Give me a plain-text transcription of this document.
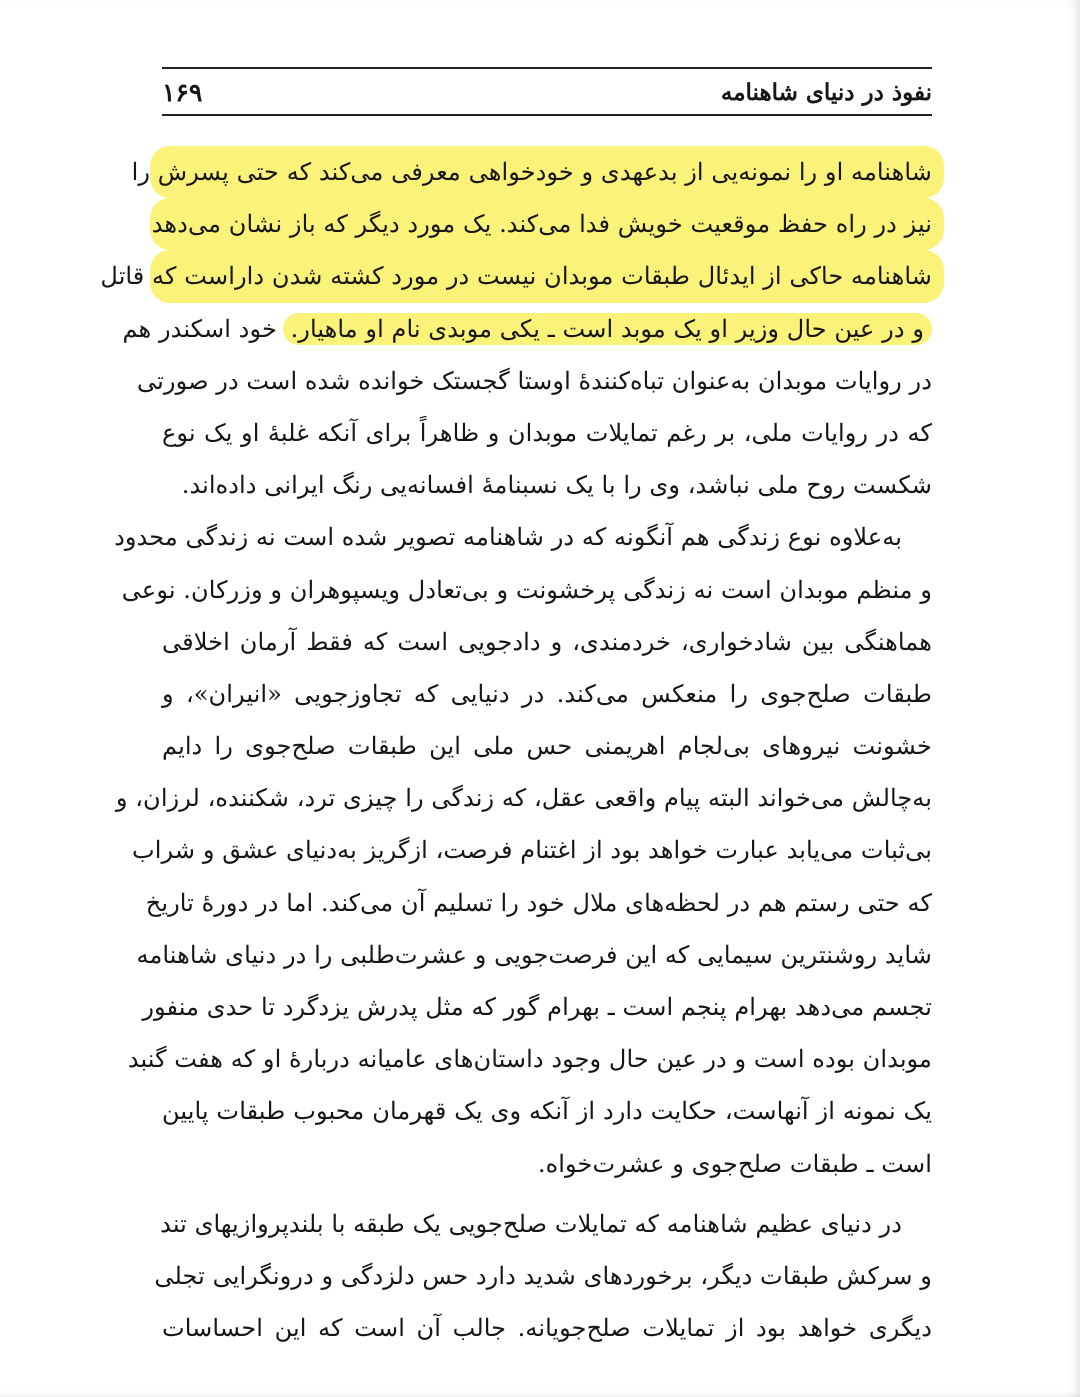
نفوذ در دنیای شاهنامه
۱۶۹
شاهنامه او را نمونه‌یی از بدعهدی و خودخواهی معرفی می‌کند که حتی پسرش را
نیز در راه حفظ موقعیت خویش فدا می‌کند. یک مورد دیگر که باز نشان می‌دهد
شاهنامه حاکی از ایدئال طبقات موبدان نیست در مورد کشته شدن داراست که قاتل
و در عین حال وزیر او یک موبد است ـ یکی موبدی نام او ماهیار. خود اسکندر هم
در روایات موبدان به‌عنوان تباه‌کنندهٔ اوستا گجستک خوانده شده است در صورتی
که در روایات ملی، بر رغم تمایلات موبدان و ظاهراً برای آنکه غلبهٔ او یک نوع
شکست روح ملی نباشد، وی را با یک نسبنامهٔ افسانه‌یی رنگ ایرانی داده‌اند.
به‌علاوه نوع زندگی هم آنگونه که در شاهنامه تصویر شده است نه زندگی محدود
و منظم موبدان است نه زندگی پرخشونت و بی‌تعادل ویسپوهران و وزرکان. نوعی
هماهنگی بین شادخواری، خردمندی، و دادجویی است که فقط آرمان اخلاقی
طبقات صلح‌جوی را منعکس می‌کند. در دنیایی که تجاوزجویی «انیران»، و
خشونت نیروهای بی‌لجام اهریمنی حس ملی این طبقات صلح‌جوی را دایم
به‌چالش می‌خواند البته پیام واقعی عقل، که زندگی را چیزی ترد، شکننده، لرزان، و
بی‌ثبات می‌یابد عبارت خواهد بود از اغتنام فرصت، ازگریز به‌دنیای عشق و شراب
که حتی رستم هم در لحظه‌های ملال خود را تسلیم آن می‌کند. اما در دورهٔ تاریخ
شاید روشنترین سیمایی که این فرصت‌جویی و عشرت‌طلبی را در دنیای شاهنامه
تجسم می‌دهد بهرام پنجم است ـ بهرام گور که مثل پدرش یزدگرد تا حدی منفور
موبدان بوده است و در عین حال وجود داستان‌های عامیانه دربارهٔ او که هفت گنبد
یک نمونه از آنهاست، حکایت دارد از آنکه وی یک قهرمان محبوب طبقات پایین
است ـ طبقات صلح‌جوی و عشرت‌خواه.
در دنیای عظیم شاهنامه که تمایلات صلح‌جویی یک طبقه با بلندپروازیهای تند
و سرکش طبقات دیگر، برخوردهای شدید دارد حس دلزدگی و درونگرایی تجلی
دیگری خواهد بود از تمایلات صلح‌جویانه. جالب آن است که این احساسات
